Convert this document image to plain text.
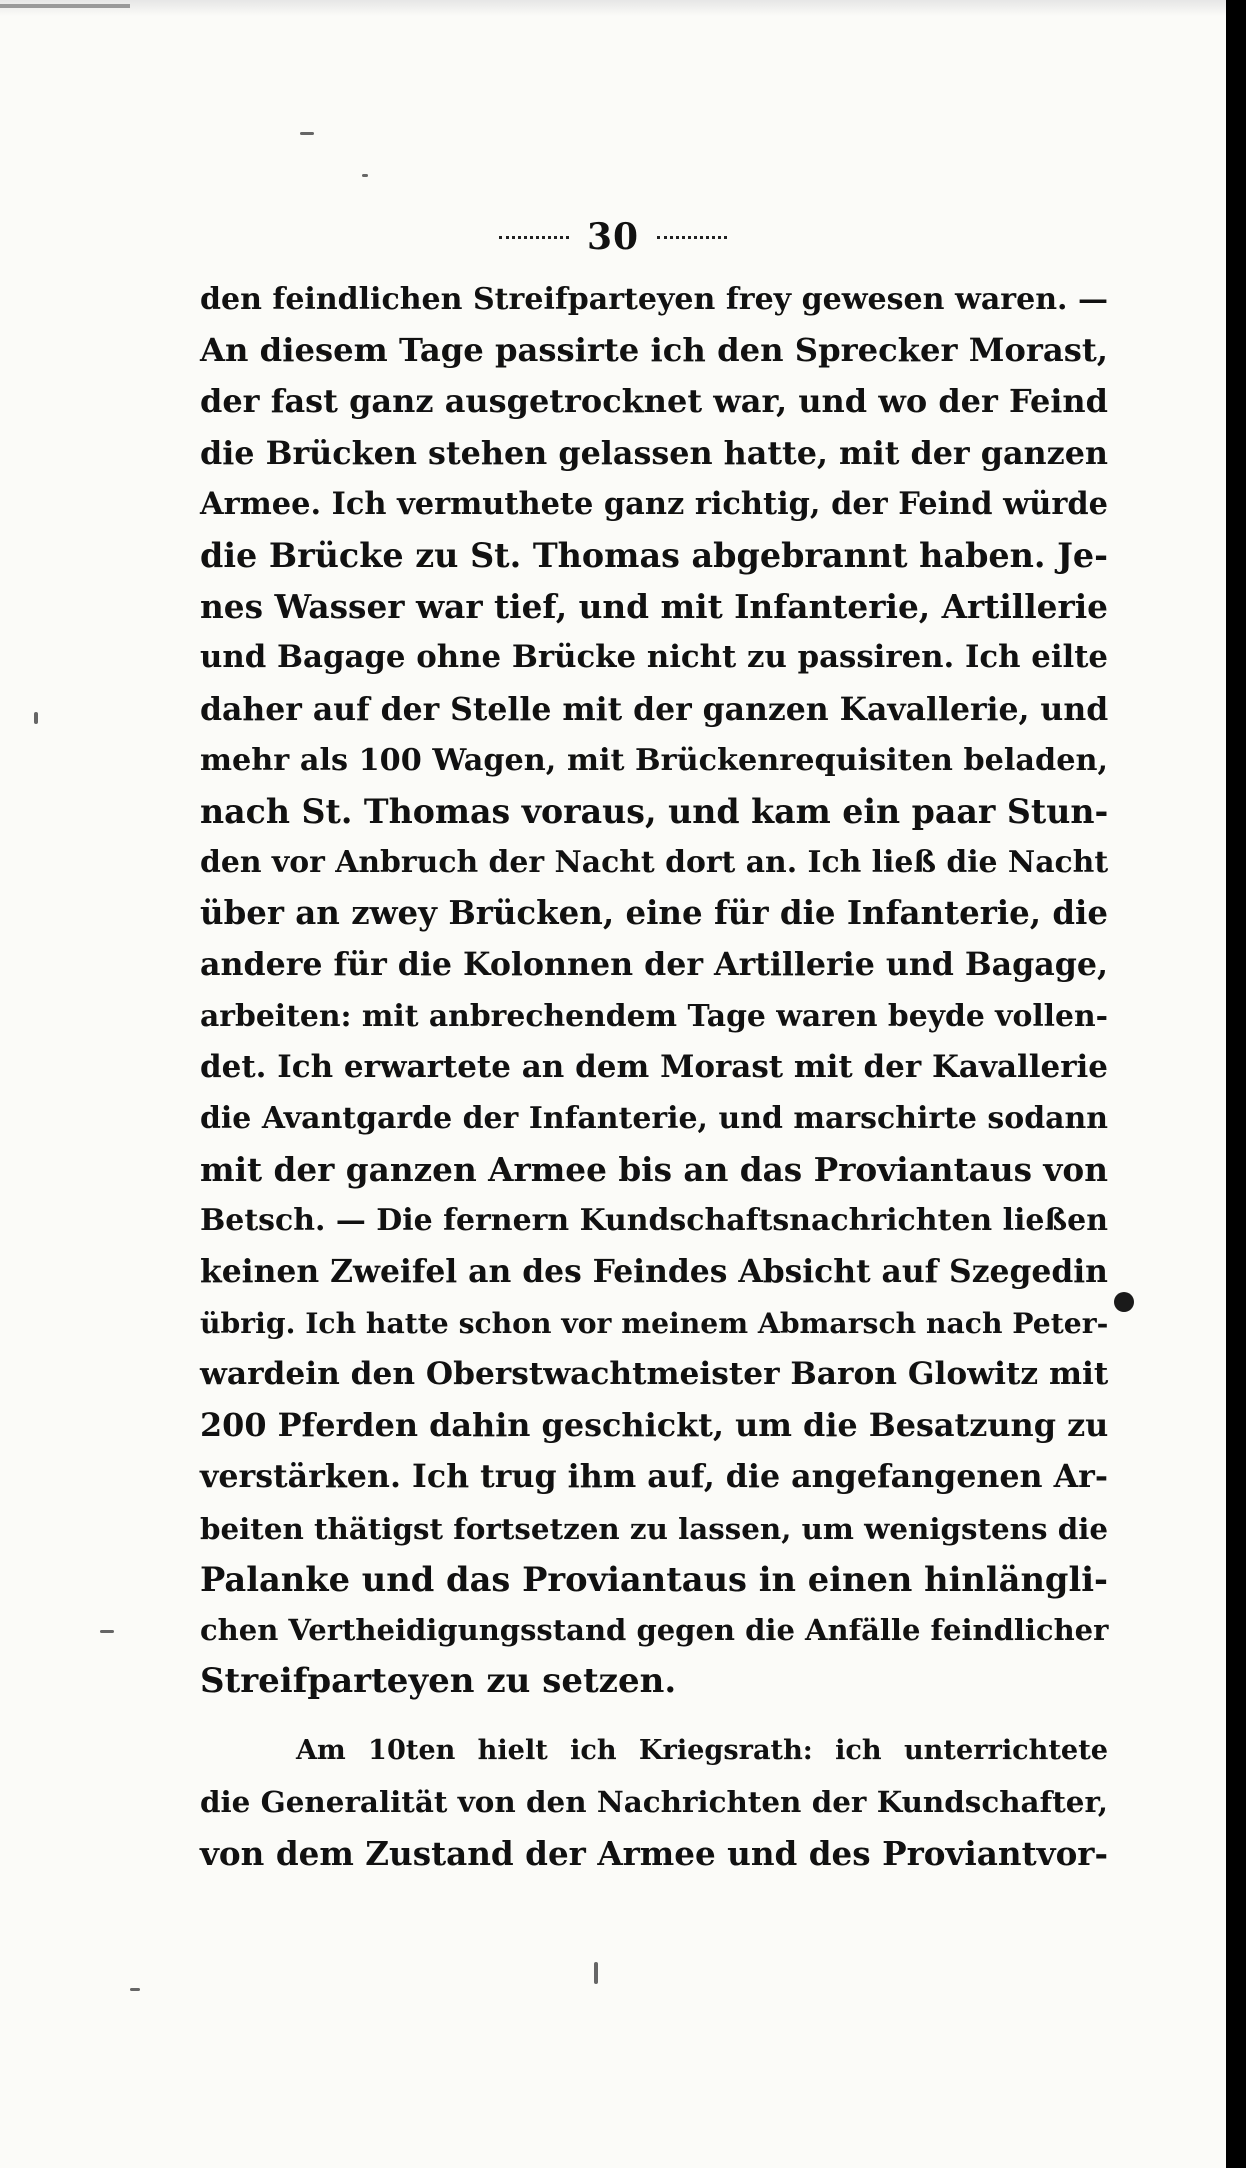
30
den feindlichen Streifparteyen frey gewesen waren. —
An diesem Tage passirte ich den Sprecker Morast,
der fast ganz ausgetrocknet war, und wo der Feind
die Brücken stehen gelassen hatte, mit der ganzen
Armee. Ich vermuthete ganz richtig, der Feind würde
die Brücke zu St. Thomas abgebrannt haben. Je-
nes Wasser war tief, und mit Infanterie, Artillerie
und Bagage ohne Brücke nicht zu passiren. Ich eilte
daher auf der Stelle mit der ganzen Kavallerie, und
mehr als 100 Wagen, mit Brückenrequisiten beladen,
nach St. Thomas voraus, und kam ein paar Stun-
den vor Anbruch der Nacht dort an. Ich ließ die Nacht
über an zwey Brücken, eine für die Infanterie, die
andere für die Kolonnen der Artillerie und Bagage,
arbeiten: mit anbrechendem Tage waren beyde vollen-
det. Ich erwartete an dem Morast mit der Kavallerie
die Avantgarde der Infanterie, und marschirte sodann
mit der ganzen Armee bis an das Proviantaus von
Betsch. — Die fernern Kundschaftsnachrichten ließen
keinen Zweifel an des Feindes Absicht auf Szegedin
übrig. Ich hatte schon vor meinem Abmarsch nach Peter-
wardein den Oberstwachtmeister Baron Glowitz mit
200 Pferden dahin geschickt, um die Besatzung zu
verstärken. Ich trug ihm auf, die angefangenen Ar-
beiten thätigst fortsetzen zu lassen, um wenigstens die
Palanke und das Proviantaus in einen hinlängli-
chen Vertheidigungsstand gegen die Anfälle feindlicher
Streifparteyen zu setzen.
Am 10ten hielt ich Kriegsrath: ich unterrichtete
die Generalität von den Nachrichten der Kundschafter,
von dem Zustand der Armee und des Proviantvor-
